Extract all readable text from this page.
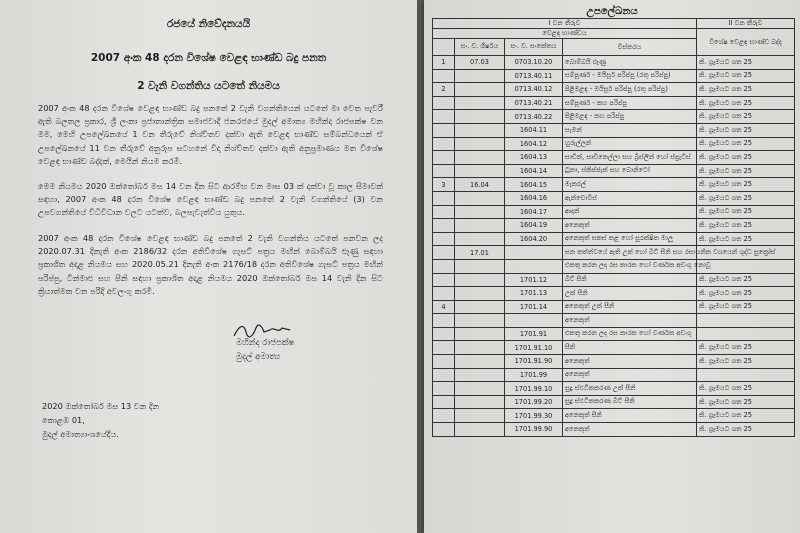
රජයේ නිවේදනයයි
2007 අංක 48 දරන විශේෂ වෙළඳ භාණ්ඩ බදු පනත
2 වැනි වගන්තිය යටතේ නියමය
2007 අංක 48 දරන විශේෂ වෙළඳ භාණ්ඩ බදු පනතේ 2 වැනි වගන්තියෙන් යටතේ මා වෙත පැවරී ඇති බලතල ප්‍රකාර, ශ්‍රී ලංකා ප්‍රජාතාන්ත්‍රික සමාජවාදී ජනරජයේ මුදල් අමාත්‍ය මහින්ද රාජපක්ෂ වන මම, මෙහි උපලේඛනයේ 1 වන තීරුවේ නිශ්චිතව දක්වා ඇති වෙළඳ භාණ්ඩ සම්බන්ධයෙන් ඒ උපලේඛනයේ 11 වන තීරුවේ අනුරූප සටහනේ විදා නිශ්චිතව දක්වා ඇති අනුප්‍රමාණය මත විශේෂ වෙළඳ භාණ්ඩ බද්දක්, මෙයින් නියම කරමි.
මෙම නියමය 2020 ඔක්තෝබර් මස 14 වන දින සිට ආරම්භ වන මාස 03 ක් දක්වා වූ කාල සීමාවක් සඳහා, 2007 අංක 48 දරන විශේෂ වෙළඳ භාණ්ඩ බදු පනතේ 2 වැනි වගන්තියේ (3) වන උපවගන්තියේ විධිවිධාන වලට යටත්ව, බලපැවැත්විය යුතුය.
2007 අංක 48 දරන විශේෂ වෙළඳ භාණ්ඩ බදු පනතේ 2 වැනි වගන්තිය යටතේ පනවන ලද 2020.07.31 දිනැති අංක 2186/32 දරන අතිවිශේෂ ගැසට් පත්‍රය මඟින් බොම්බයි ළූණු සඳහා ප්‍රකාශිත අදාළ නියමය සහ 2020.05.21 දිනැති අංක 2176/18 දරන අතිවිශේෂ ගැසට් පත්‍රය මඟින් පරිප්පු, ටින්මාළු සහ සීනි සඳහා ප්‍රකාශිත අදාළ නියමය 2020 ඔක්තෝබර් මස 14 වැනි දින සිට ක්‍රියාත්මක වන පරිදි අවලංගු කරමි.
මහින්ද රාජපක්ෂ
මුදල් අමාත්‍ය
2020 ඔක්තෝබර් මස 13 වන දින
කොළඹ 01,
මුදල් අමාත්‍යාංශයේදීය.
උපලේඛනය
I වන තීරුව				II වන තීරුව
වෙළඳ භාණ්ඩය				විශේෂ වෙළඳ භාණ්ඩ බද්ද
	සං. ව. ශීර්ෂය	සං. ව. සංකේතය	විස්තරය	
1	07.03	0703.10.20	බොම්බයි ළූණු	කි. ග්‍රෑමයට ශත 25
		0713.40.11	සම්පූර්ණ - මයිසූර් පරිප්පු (රතු පරිප්පු)	කි. ග්‍රෑමයට ශත 25
2		0713.40.12	පිළිමළඳ - මයිසූර් පරිප්පු (රතු පරිප්පු)	කි. ග්‍රෑමයට ශත 25
		0713.40.21	සම්පූර්ණ - කහ පරිප්පු	කි. ග්‍රෑමයට ශත 25
		0713.40.22	පිළිමළඳ - කහ පරිප්පු	කි. ග්‍රෑමයට ශත 25
		1604.11	සැමන්	කි. ග්‍රෑමයට ශත 25
		1604.12	හුරුල්ලන්	කි. ග්‍රෑමයට ශත 25
		1604.13	සාඩින්, සාඩිනෙල්ලා සහ බ්‍රිස්ලින් හෝ ස්ප්‍රැට්ස්	කි. ග්‍රෑමයට ශත 25
		1604.14	ටූනා, ස්කිප්ජැක් සහ බොනිටෝ	කි. ග්‍රෑමයට ශත 25
3	16.04	1604.15	මැකරල්	කි. ග්‍රෑමයට ශත 25
		1604.16	ඇන්චොවිස්	කි. ග්‍රෑමයට ශත 25
		1604.17	ආදන්	කි. ග්‍රෑමයට ශත 25
		1604.19	අනෙකුත්	කි. ග්‍රෑමයට ශත 25
		1604.20	අනෙකුත් සකස් කළ හෝ සුරක්ෂිත මාලූ	කි. ග්‍රෑමයට ශත 25
	17.01		ඝන තත්ත්වයේ ඇති උක් හෝ බීට් සීනි සහ රසායනික වශයෙන් ශුද්ධ සුක්‍රෝස්	
			එකතු කරන ලද රස කාරක හෝ වර්ණක අඩංගු නොවූ	
		1701.12	බීට් සීනි	කි. ග්‍රෑමයට ශත 25
		1701.13	උක් සීනි	කි. ග්‍රෑමයට ශත 25
4		1701.14	අනෙකුත් උක් සීනි	කි. ග්‍රෑමයට ශත 25
			අනෙකුත්	
		1701.91	එකතු කරන ලද රස කාරක හෝ වර්ණක අඩංගු	
		1701.91.10	සීනි	කි. ග්‍රෑමයට ශත 25
		1701.91.90	අනෙකුත්	කි. ග්‍රෑමයට ශත 25
		1701.99	අනෙකුත්	
		1701.99.10	සුදු ස්ඵටිකකරණ උක් සීනි	කි. ග්‍රෑමයට ශත 25
		1701.99.20	සුදු ස්ඵටිකකරණ බීට් සීනි	කි. ග්‍රෑමයට ශත 25
		1701.99.30	අනෙකුත් සීනි	කි. ග්‍රෑමයට ශත 25
		1701.99.90	අනෙකුත්	කි. ග්‍රෑමයට ශත 25
